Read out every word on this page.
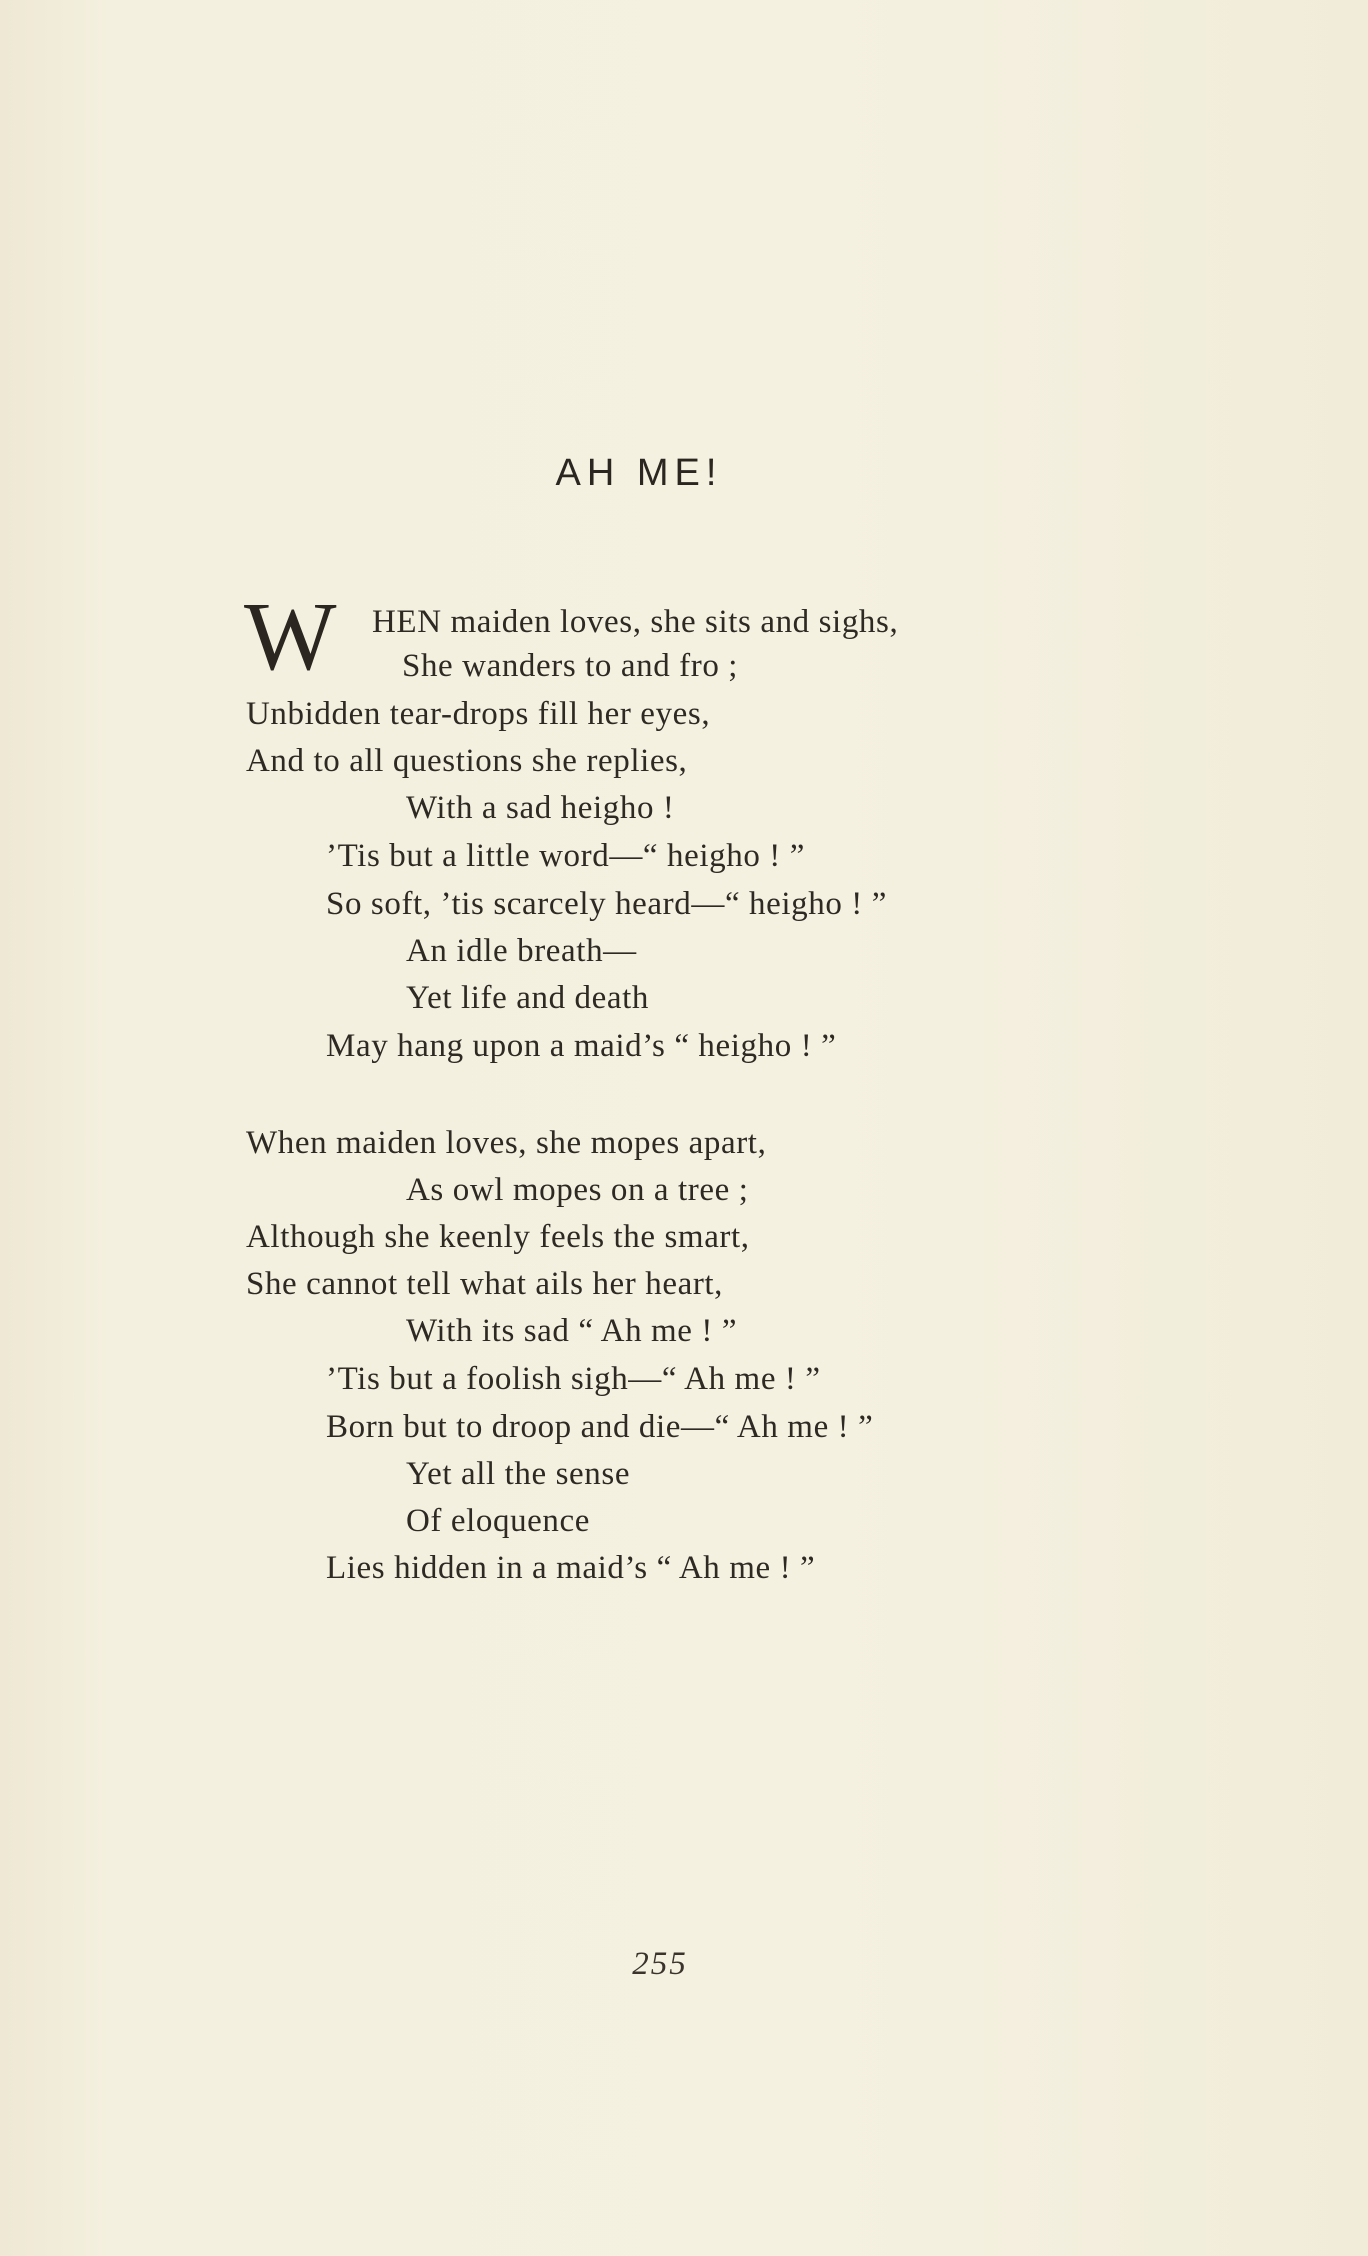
AH ME!
W HEN maiden loves, she sits and sighs,
She wanders to and fro ;
Unbidden tear-drops fill her eyes,
And to all questions she replies,
With a sad heigho !
’Tis but a little word—“ heigho ! ”
So soft, ’tis scarcely heard—“ heigho ! ”
An idle breath—
Yet life and death
May hang upon a maid’s “ heigho ! ”
When maiden loves, she mopes apart,
As owl mopes on a tree ;
Although she keenly feels the smart,
She cannot tell what ails her heart,
With its sad “ Ah me ! ”
’Tis but a foolish sigh—“ Ah me ! ”
Born but to droop and die—“ Ah me ! ”
Yet all the sense
Of eloquence
Lies hidden in a maid’s “ Ah me ! ”
255
